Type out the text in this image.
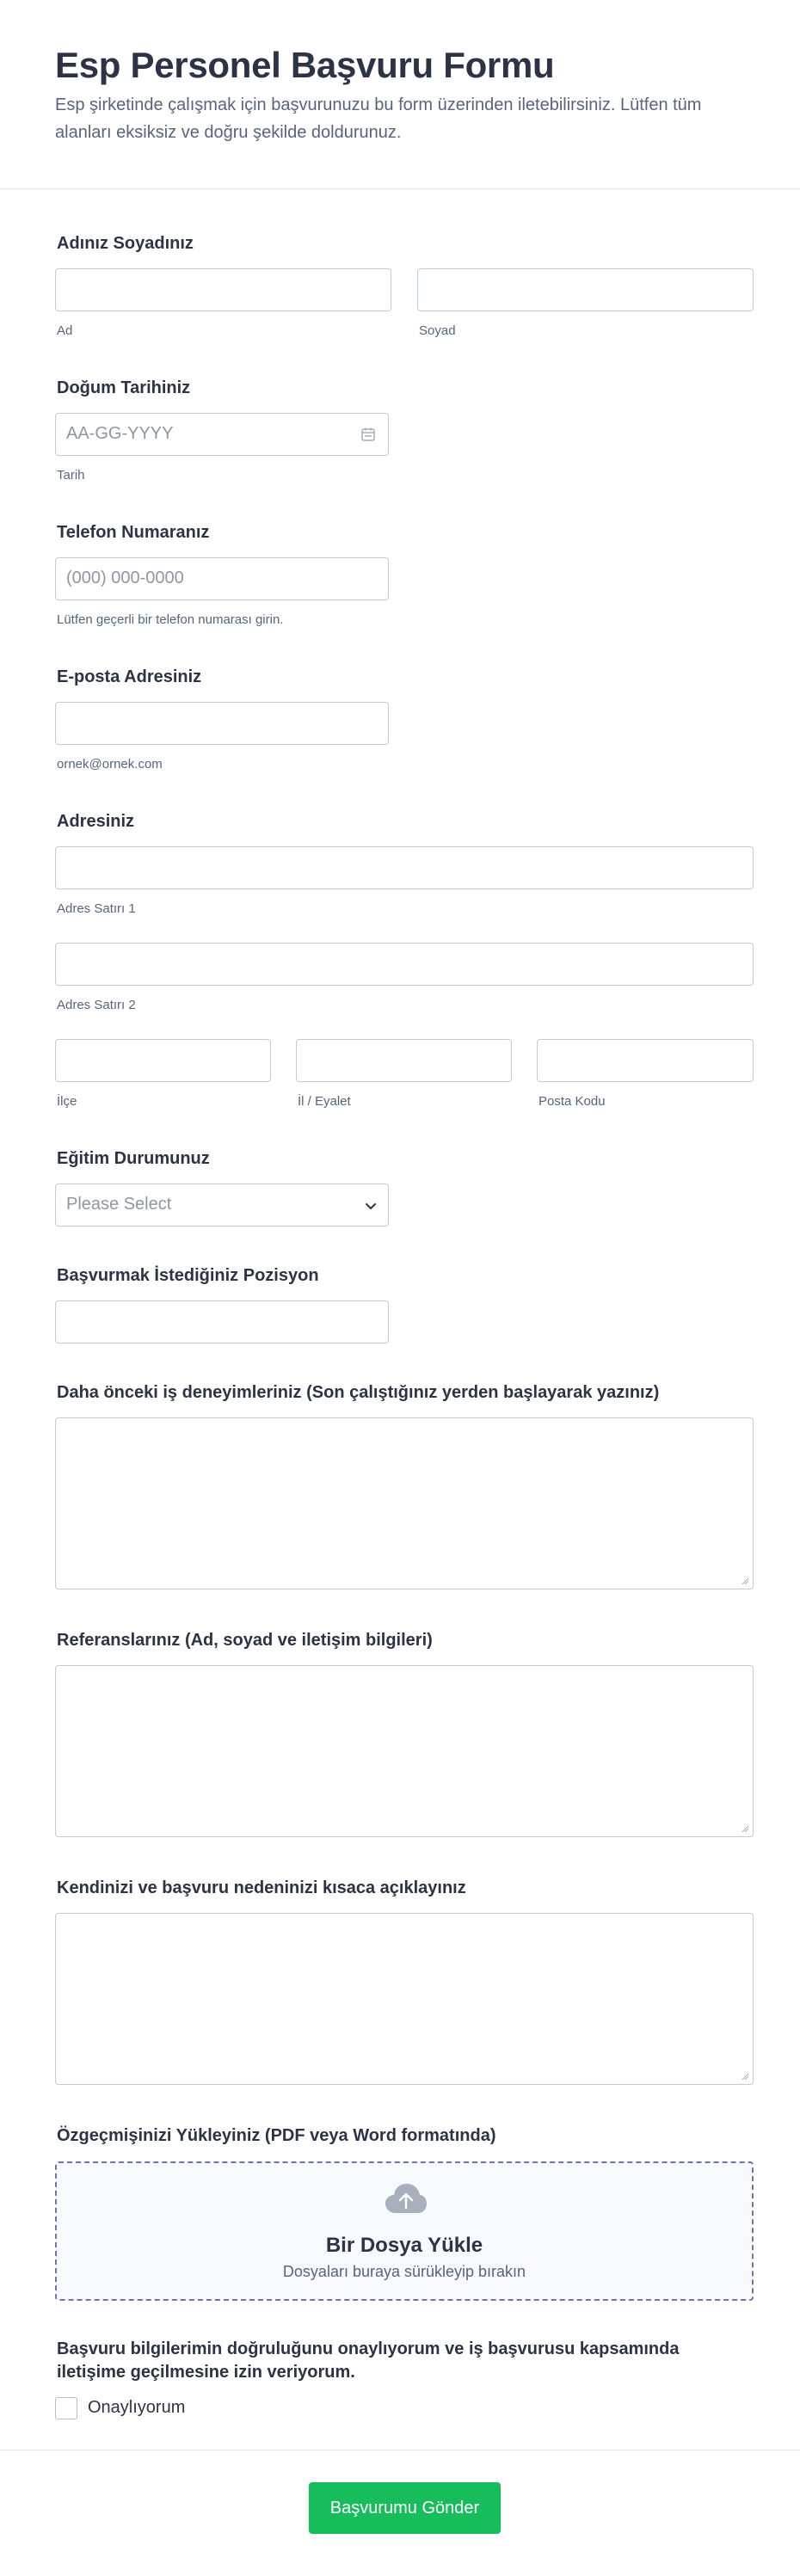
Esp Personel Başvuru Formu

Esp şirketinde çalışmak için başvurunuzu bu form üzerinden iletebilirsiniz. Lütfen tüm alanları eksiksiz ve doğru şekilde doldurunuz.

Adınız Soyadınız
Ad	Soyad
Doğum Tarihiniz
AA-GG-YYYY
Tarih
Telefon Numaranız
(000) 000-0000
Lütfen geçerli bir telefon numarası girin.
E-posta Adresiniz
ornek@ornek.com
Adresiniz
Adres Satırı 1
Adres Satırı 2
İlçe	İl / Eyalet	Posta Kodu
Eğitim Durumunuz
Please Select
Başvurmak İstediğiniz Pozisyon
Daha önceki iş deneyimleriniz (Son çalıştığınız yerden başlayarak yazınız)
Referanslarınız (Ad, soyad ve iletişim bilgileri)
Kendinizi ve başvuru nedeninizi kısaca açıklayınız
Özgeçmişinizi Yükleyiniz (PDF veya Word formatında)
Bir Dosya Yükle
Dosyaları buraya sürükleyip bırakın
Başvuru bilgilerimin doğruluğunu onaylıyorum ve iş başvurusu kapsamında iletişime geçilmesine izin veriyorum.
Onaylıyorum
Başvurumu Gönder
